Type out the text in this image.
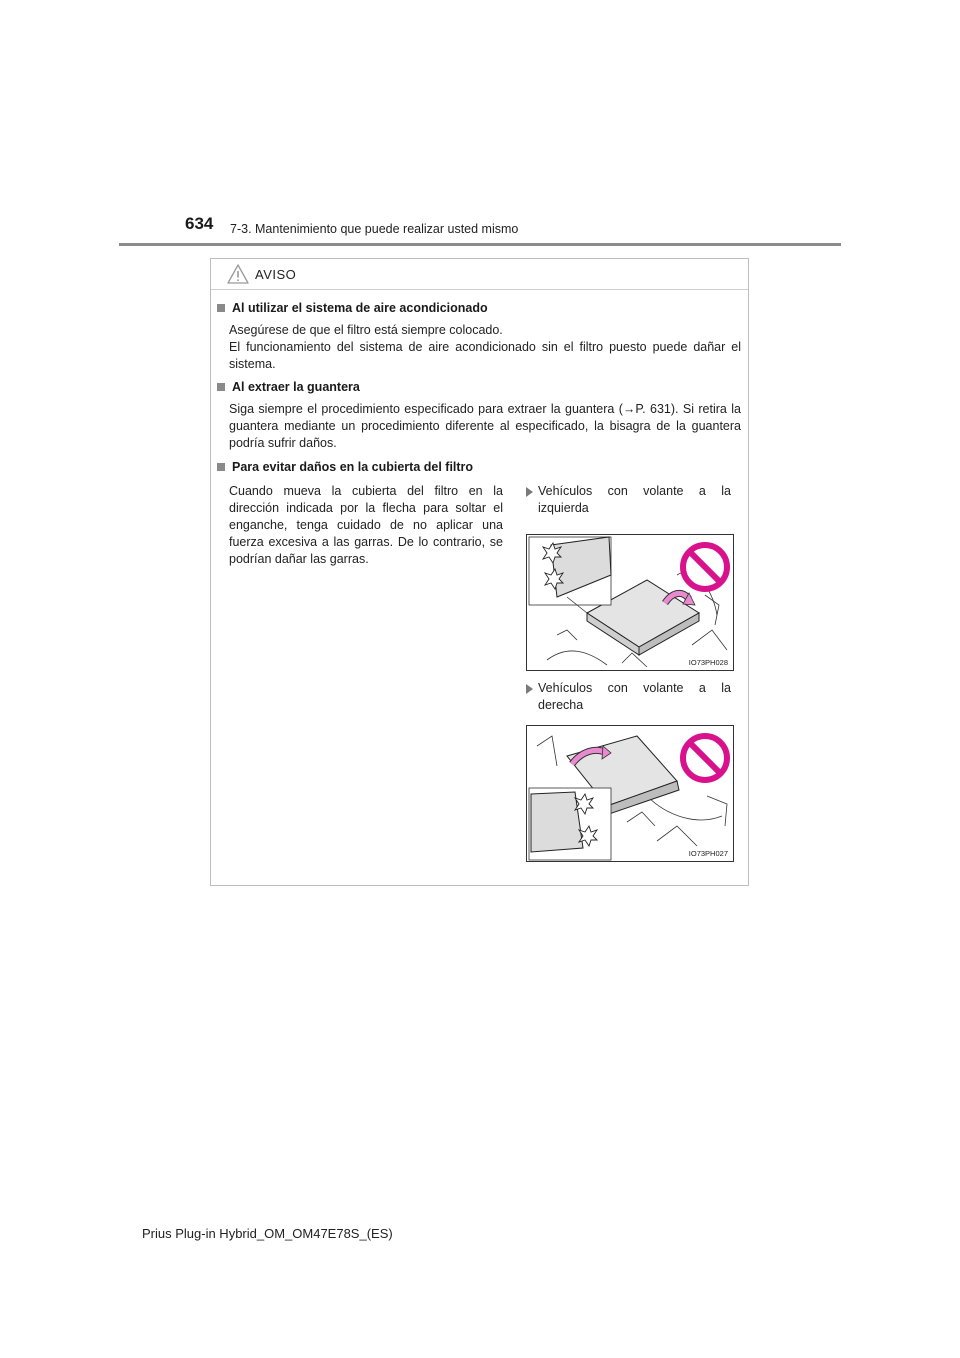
634 7-3. Mantenimiento que puede realizar usted mismo
AVISO
Al utilizar el sistema de aire acondicionado

Asegúrese de que el filtro está siempre colocado.

El funcionamiento del sistema de aire acondicionado sin el filtro puesto puede dañar el sistema.

Al extraer la guantera
Siga siempre el procedimiento especificado para extraer la guantera (→P. 631). Si retira la guantera mediante un procedimiento diferente al especificado, la bisagra de la guantera podría sufrir daños.
Para evitar daños en la cubierta del filtro
Cuando mueva la cubierta del filtro en la dirección indicada por la flecha para soltar el enganche, tenga cuidado de no aplicar una fuerza excesiva a las garras. De lo contrario, se podrían dañar las garras.
Vehículos con volante a la izquierda
IO73PH028
Vehículos con volante a la derecha
IO73PH027
Prius Plug-in Hybrid_OM_OM47E78S_(ES)
